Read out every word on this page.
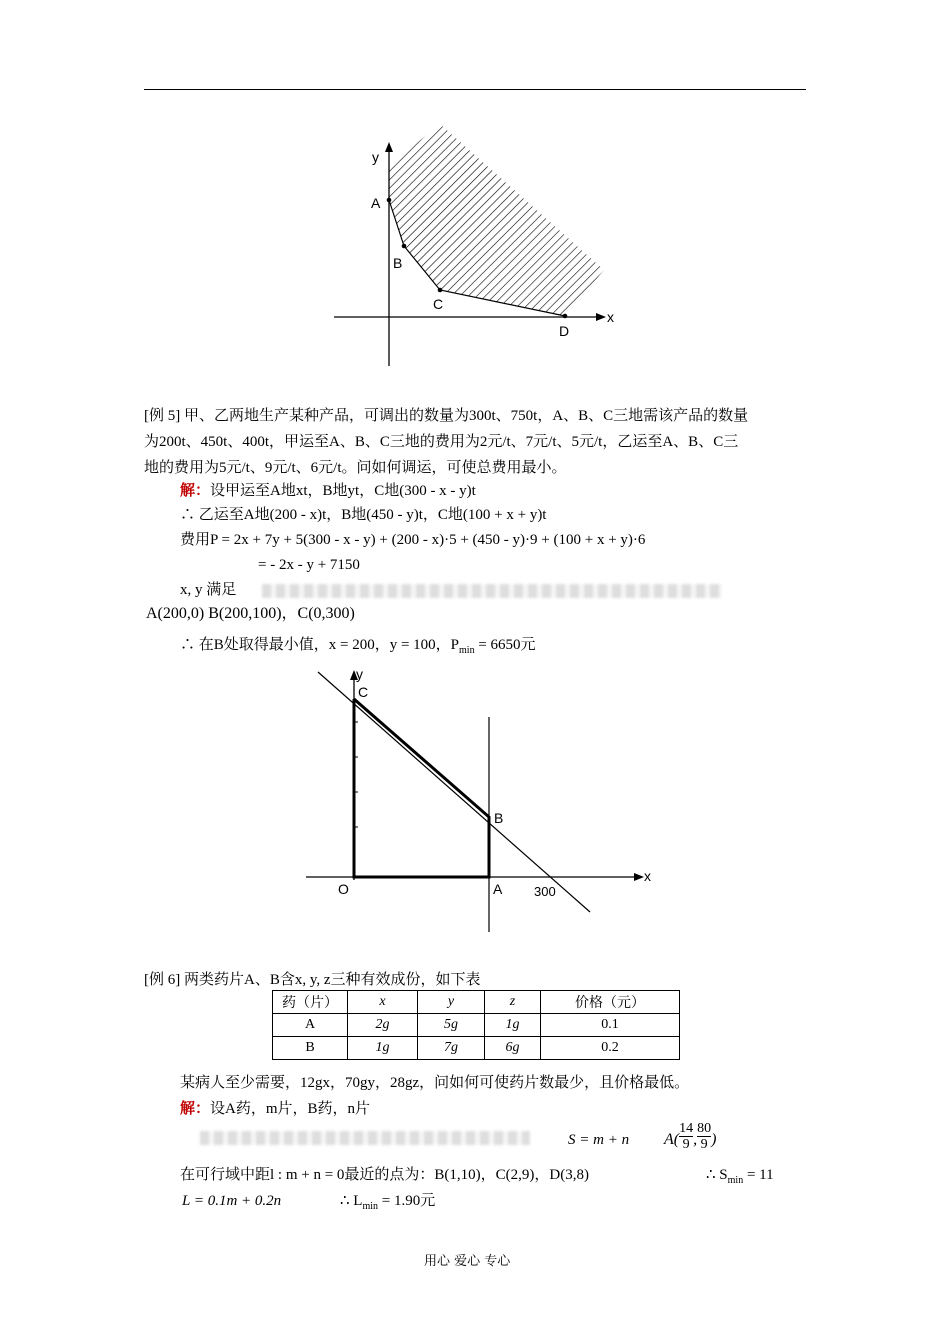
y
x
A
B
C
D
[例 5] 甲、乙两地生产某种产品，可调出的数量为300t、750t，A、B、C三地需该产品的数量
为200t、450t、400t，甲运至A、B、C三地的费用为2元/t、7元/t、5元/t，乙运至A、B、C三
地的费用为5元/t、9元/t、6元/t。问如何调运，可使总费用最小。
解：设甲运至A地xt，B地yt，C地(300 - x - y)t
∴ 乙运至A地(200 - x)t，B地(450 - y)t，C地(100 + x + y)t
费用P = 2x + 7y + 5(300 - x - y) + (200 - x)·5 + (450 - y)·9 + (100 + x + y)·6
= - 2x - y + 7150
x, y 满足
A(200,0) B(200,100)，C(0,300)
∴ 在B处取得最小值，x = 200，y = 100，$P_{min} = 6650$元
y
x
C
B
O	A 300
[例 6] 两类药片A、B含x, y, z三种有效成份，如下表
药（片）	x	y	z	价格（元）
A	2g	5g	1g	0.1
B	1g	7g	6g	0.2
某病人至少需要，12gx，70gy，28gz，问如何可使药片数最少，且价格最低。
解：设A药，m片，B药，n片
S = m + n $A( \frac{14}{9}$ , $\frac{80}{9}$ )
在可行域中距l : m + n = 0最近的点为：B(1,10)，C(2,9)，D(3,8)	∴ $S_{min} = 11$
L = 0.1m + 0.2n	∴ $L_{min} = 1.90$元
用心 爱心 专心
